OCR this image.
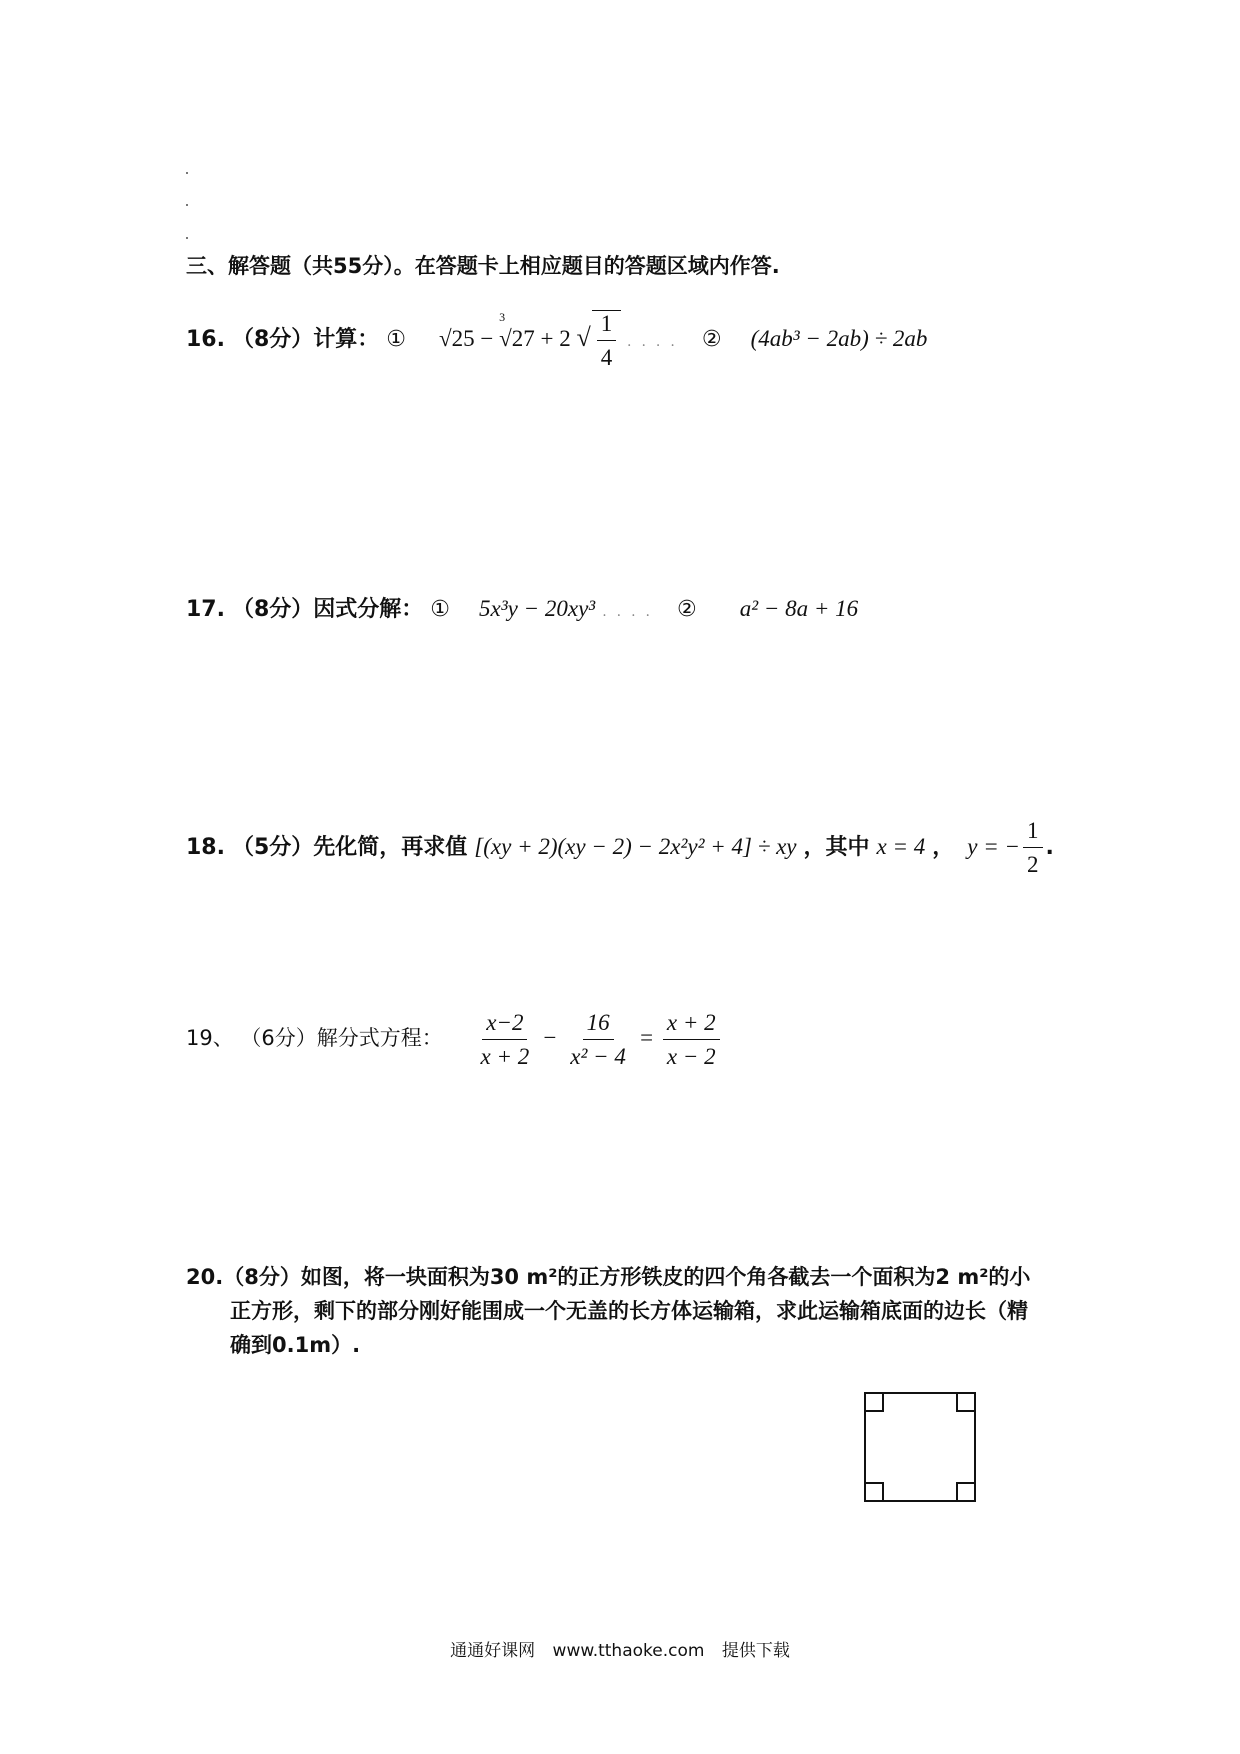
三、解答题（共55分）。在答题卡上相应题目的答题区域内作答.
16. （8分）计算： ① √25 − $^3$√27 + 2 √ $\frac{1}{4}$ .... ② (4ab³ − 2ab) ÷ 2ab
17. （8分）因式分解： ① 5x³y − 20xy³ .... ② a² − 8a + 16
18. （5分）先化简，再求值 [(xy + 2)(xy − 2) − 2x²y² + 4] ÷ xy ，其中 x = 4 ， y = − $\frac{1}{2}$ .
19、 （6分）解分式方程： $\frac{x-2}{x + 2} - \frac{16}{\text{x² − 4}} = \frac{x + 2}{x - 2}$
20.（8分）如图，将一块面积为30 m²的正方形铁皮的四个角各截去一个面积为2 m²的小
正方形，剩下的部分刚好能围成一个无盖的长方体运输箱，求此运输箱底面的边长（精
确到0.1m）.
通通好课网 www.tthaoke.com 提供下载
